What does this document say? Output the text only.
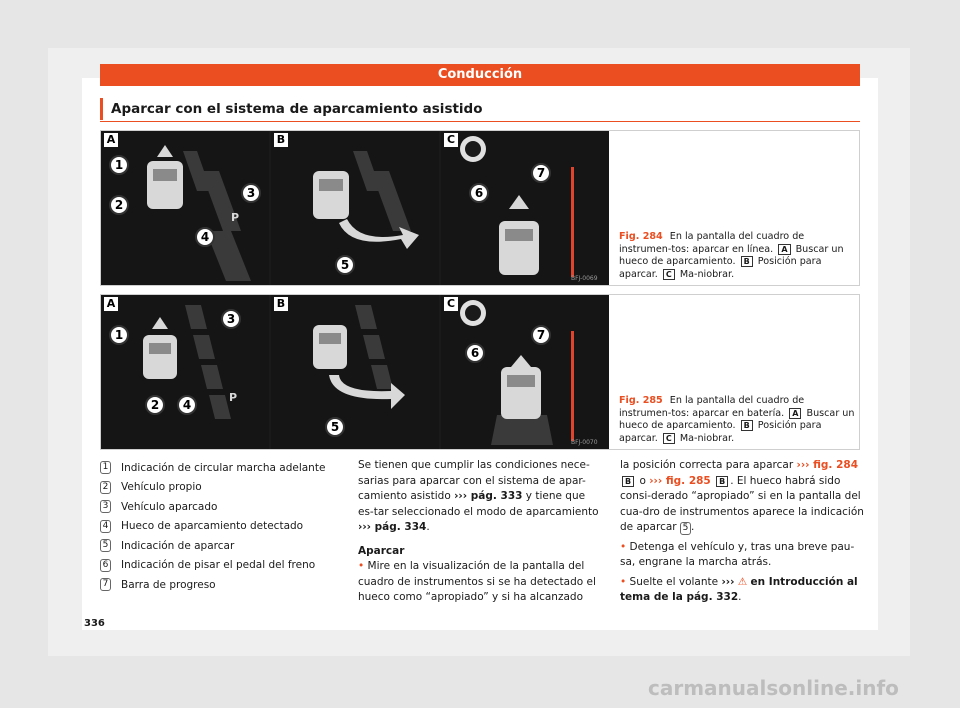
Conducción
Aparcar con el sistema de aparcamiento asistido
A	B	C
1
2
3
4
5
6
7
P
BFJ-0069

Fig. 284 En la pantalla del cuadro de instrumen-tos: aparcar en línea. A Buscar un hueco de aparcamiento. B Posición para aparcar. C Ma-niobrar.

A	B	C
1
2
3
4
5
6
7
P
BFJ-0070

Fig. 285 En la pantalla del cuadro de instrumen-tos: aparcar en batería. A Buscar un hueco de aparcamiento. B Posición para aparcar. C Ma-niobrar.

1 Indicación de circular marcha adelante
2 Vehículo propio
3 Vehículo aparcado
4 Hueco de aparcamiento detectado
5 Indicación de aparcar
6 Indicación de pisar el pedal del freno
7 Barra de progreso

Se tienen que cumplir las condiciones nece-sarias para aparcar con el sistema de apar-camiento asistido ››› pág. 333 y tiene que es-tar seleccionado el modo de aparcamiento ››› pág. 334.

Aparcar

• Mire en la visualización de la pantalla del cuadro de instrumentos si se ha detectado el hueco como “apropiado” y si ha alcanzado

la posición correcta para aparcar ››› fig. 284 B o ››› fig. 285 B . El hueco habrá sido consi-derado “apropiado” si en la pantalla del cua-dro de instrumentos aparece la indicación de aparcar 5 .

• Detenga el vehículo y, tras una breve pau-sa, engrane la marcha atrás.

• Suelte el volante ››› ⚠ en Introducción al tema de la pág. 332.

336
carmanualsonline.info
